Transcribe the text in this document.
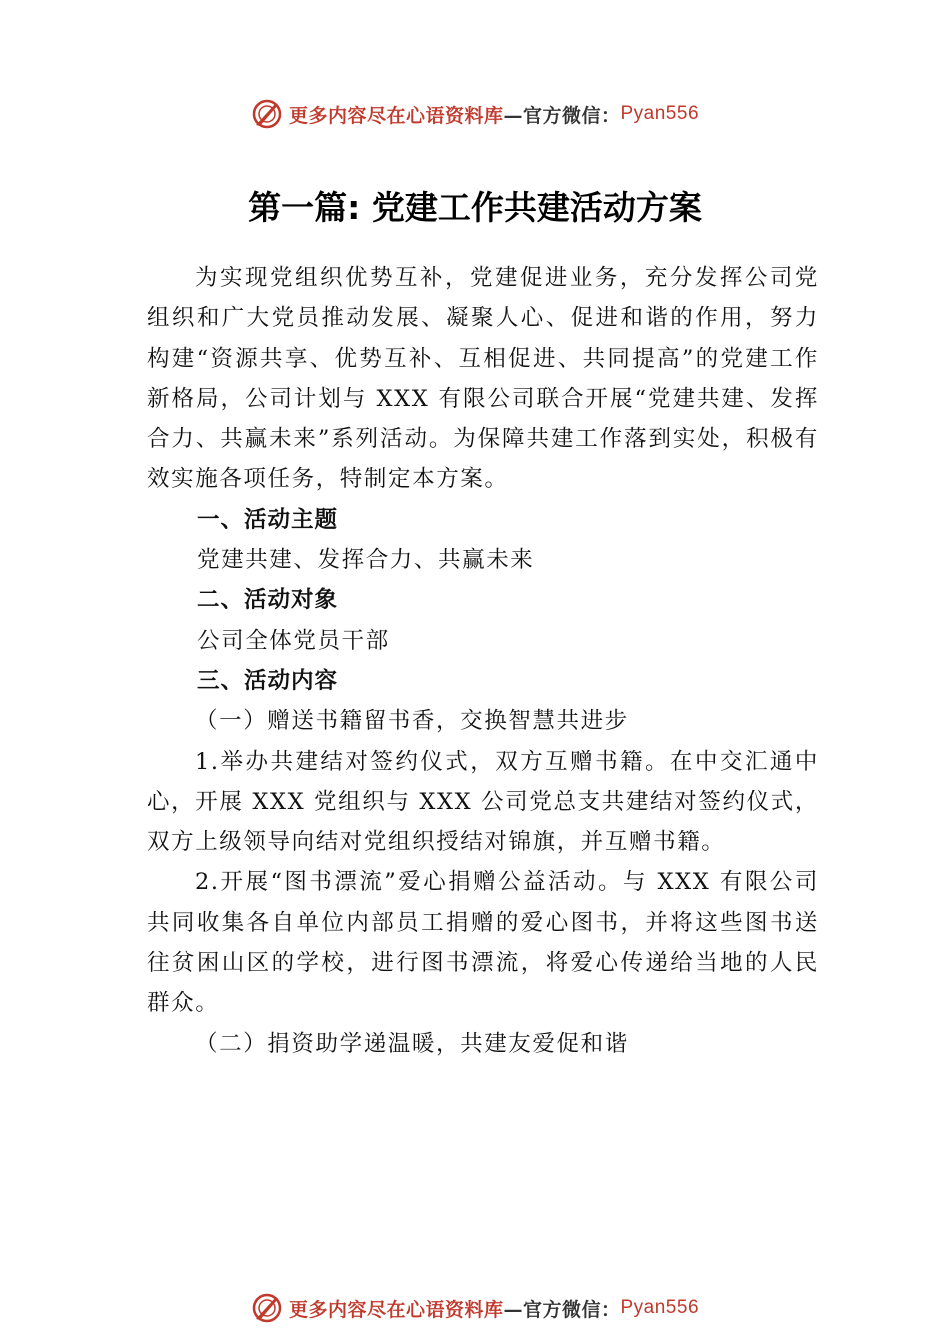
更多内容尽在心语资料库 —官方微信： Pyan556
第一篇: 党建工作共建活动方案

为实现党组织优势互补，党建促进业务，充分发挥公司党组织和广大党员推动发展、凝聚人心、促进和谐的作用，努力构建“资源共享、优势互补、互相促进、共同提高”的党建工作新格局，公司计划与 XXX 有限公司联合开展“党建共建、发挥合力、共赢未来”系列活动。为保障共建工作落到实处，积极有效实施各项任务，特制定本方案。

一、活动主题

党建共建、发挥合力、共赢未来

二、活动对象

公司全体党员干部

三、活动内容

（一）赠送书籍留书香，交换智慧共进步

1.举办共建结对签约仪式，双方互赠书籍。在中交汇通中心，开展 XXX 党组织与 XXX 公司党总支共建结对签约仪式，双方上级领导向结对党组织授结对锦旗，并互赠书籍。

2.开展“图书漂流”爱心捐赠公益活动。与 XXX 有限公司共同收集各自单位内部员工捐赠的爱心图书，并将这些图书送往贫困山区的学校，进行图书漂流，将爱心传递给当地的人民群众。

（二）捐资助学递温暖，共建友爱促和谐

更多内容尽在心语资料库 —官方微信： Pyan556
